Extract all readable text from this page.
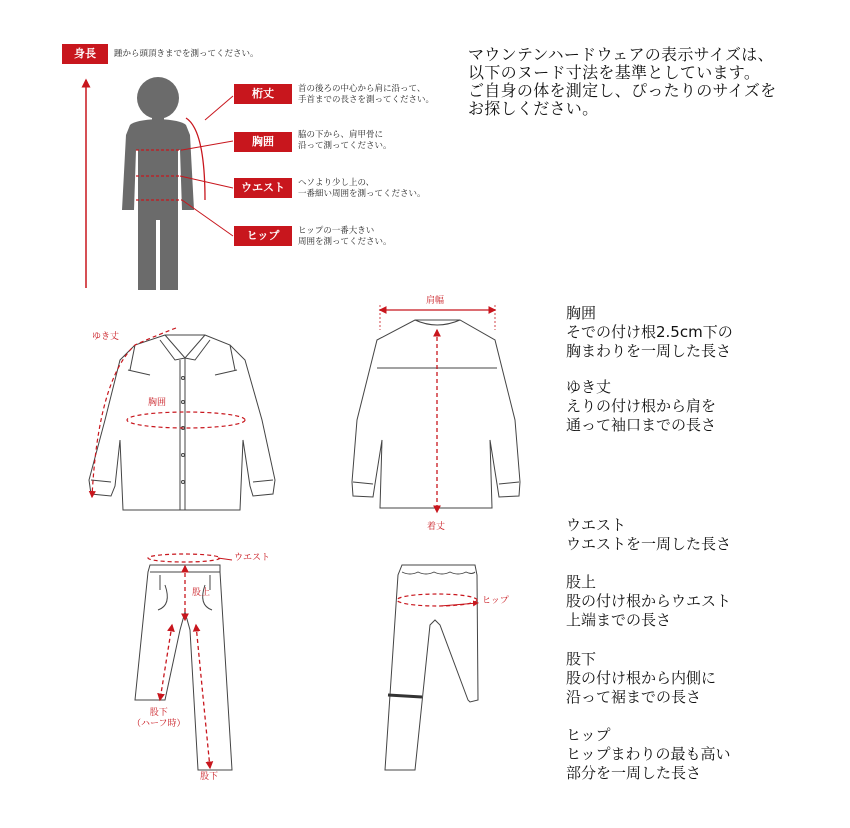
身長	踵から頭頂きまでを測ってください。
桁丈	首の後ろの中心から肩に沿って、
手首までの長さを測ってください。
胸囲	脇の下から、肩甲骨に
沿って測ってください。
ウエスト	ヘソより少し上の、
一番細い周囲を測ってください。
ヒップ	ヒップの一番大きい
周囲を測ってください。
マウンテンハードウェアの表示サイズは、
以下のヌード寸法を基準としています。
ご自身の体を測定し、ぴったりのサイズを
お探しください。
ゆき丈
胸囲
肩幅
着丈
ウエスト
股上
股下
（ハーフ時）
股下
ヒップ
胸囲
そでの付け根2.5cm下の
胸まわりを一周した長さ
ゆき丈
えりの付け根から肩を
通って袖口までの長さ
ウエスト
ウエストを一周した長さ
股上
股の付け根からウエスト
上端までの長さ
股下
股の付け根から内側に
沿って裾までの長さ
ヒップ
ヒップまわりの最も高い
部分を一周した長さ
